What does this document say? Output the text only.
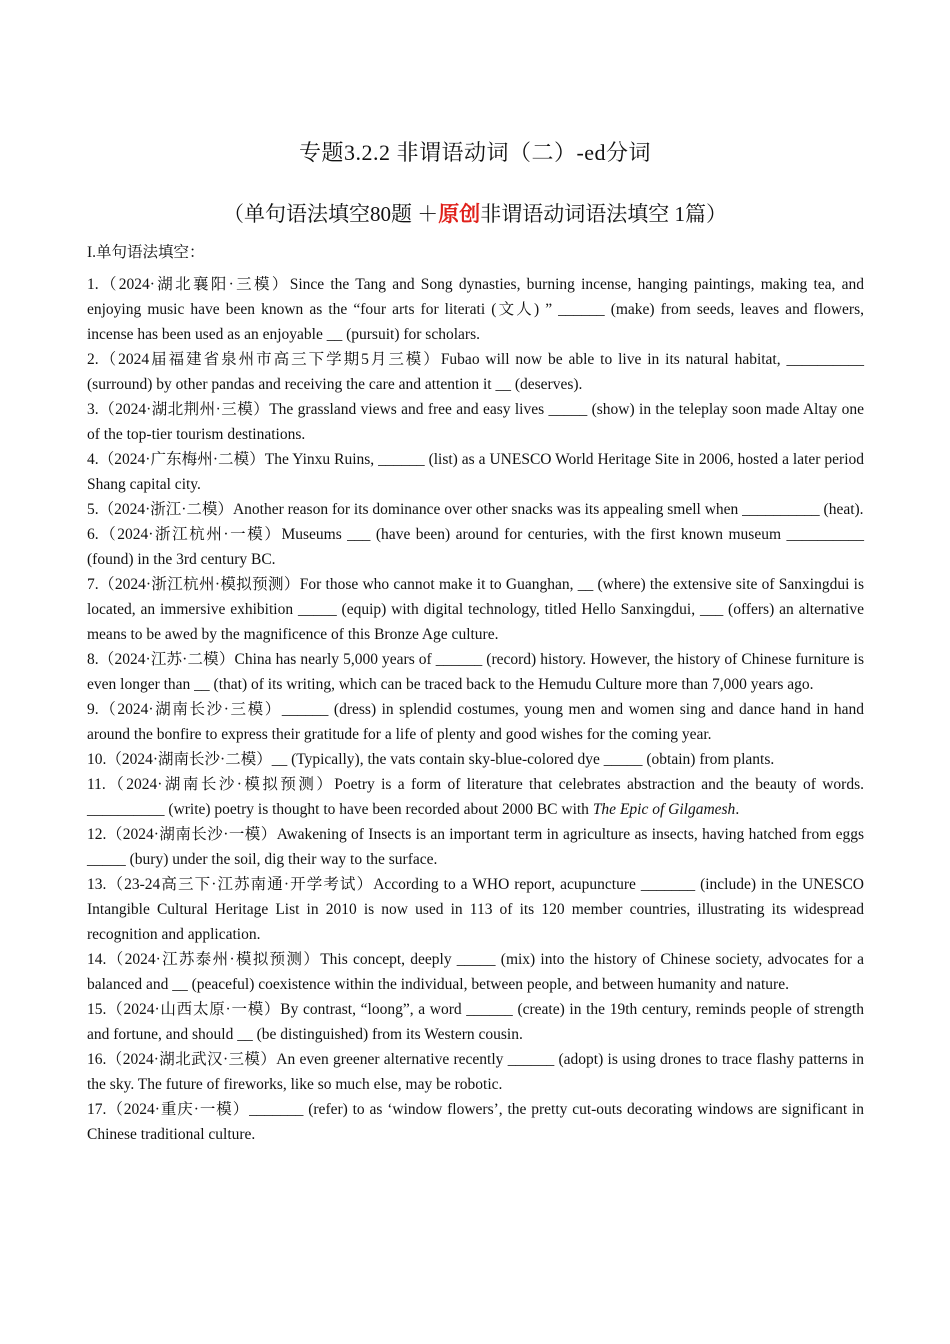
专题3.2.2 非谓语动词（二）-ed分词
（单句语法填空80题 ＋原创非谓语动词语法填空 1篇）
I.单句语法填空：

1.（2024·湖北襄阳·三模）Since the Tang and Song dynasties, burning incense, hanging paintings, making tea, and enjoying music have been known as the “four arts for literati (文人) ” ______ (make) from seeds, leaves and flowers, incense has been used as an enjoyable __ (pursuit) for scholars.

2.（2024届福建省泉州市高三下学期5月三模）Fubao will now be able to live in its natural habitat, __________ (surround) by other pandas and receiving the care and attention it __ (deserves).

3.（2024·湖北荆州·三模）The grassland views and free and easy lives _____ (show) in the teleplay soon made Altay one of the top-tier tourism destinations.

4.（2024·广东梅州·二模）The Yinxu Ruins, ______ (list) as a UNESCO World Heritage Site in 2006, hosted a later period Shang capital city.

5.（2024·浙江·二模）Another reason for its dominance over other snacks was its appealing smell when __________ (heat).

6.（2024·浙江杭州·一模）Museums ___ (have been) around for centuries, with the first known museum __________ (found) in the 3rd century BC.

7.（2024·浙江杭州·模拟预测）For those who cannot make it to Guanghan, __ (where) the extensive site of Sanxingdui is located, an immersive exhibition _____ (equip) with digital technology, titled Hello Sanxingdui, ___ (offers) an alternative means to be awed by the magnificence of this Bronze Age culture.

8.（2024·江苏·二模）China has nearly 5,000 years of ______ (record) history. However, the history of Chinese furniture is even longer than __ (that) of its writing, which can be traced back to the Hemudu Culture more than 7,000 years ago.

9.（2024·湖南长沙·三模）______ (dress) in splendid costumes, young men and women sing and dance hand in hand around the bonfire to express their gratitude for a life of plenty and good wishes for the coming year.

10.（2024·湖南长沙·二模）__ (Typically), the vats contain sky-blue-colored dye _____ (obtain) from plants.

11.（2024·湖南长沙·模拟预测）Poetry is a form of literature that celebrates abstraction and the beauty of words. __________ (write) poetry is thought to have been recorded about 2000 BC with The Epic of Gilgamesh.

12.（2024·湖南长沙·一模）Awakening of Insects is an important term in agriculture as insects, having hatched from eggs _____ (bury) under the soil, dig their way to the surface.

13.（23-24高三下·江苏南通·开学考试）According to a WHO report, acupuncture _______ (include) in the UNESCO Intangible Cultural Heritage List in 2010 is now used in 113 of its 120 member countries, illustrating its widespread recognition and application.

14.（2024·江苏泰州·模拟预测）This concept, deeply _____ (mix) into the history of Chinese society, advocates for a balanced and __ (peaceful) coexistence within the individual, between people, and between humanity and nature.

15.（2024·山西太原·一模）By contrast, “loong”, a word ______ (create) in the 19th century, reminds people of strength and fortune, and should __ (be distinguished) from its Western cousin.

16.（2024·湖北武汉·三模）An even greener alternative recently ______ (adopt) is using drones to trace flashy patterns in the sky. The future of fireworks, like so much else, may be robotic.

17.（2024·重庆·一模）_______ (refer) to as ‘window flowers’, the pretty cut-outs decorating windows are significant in Chinese traditional culture.
